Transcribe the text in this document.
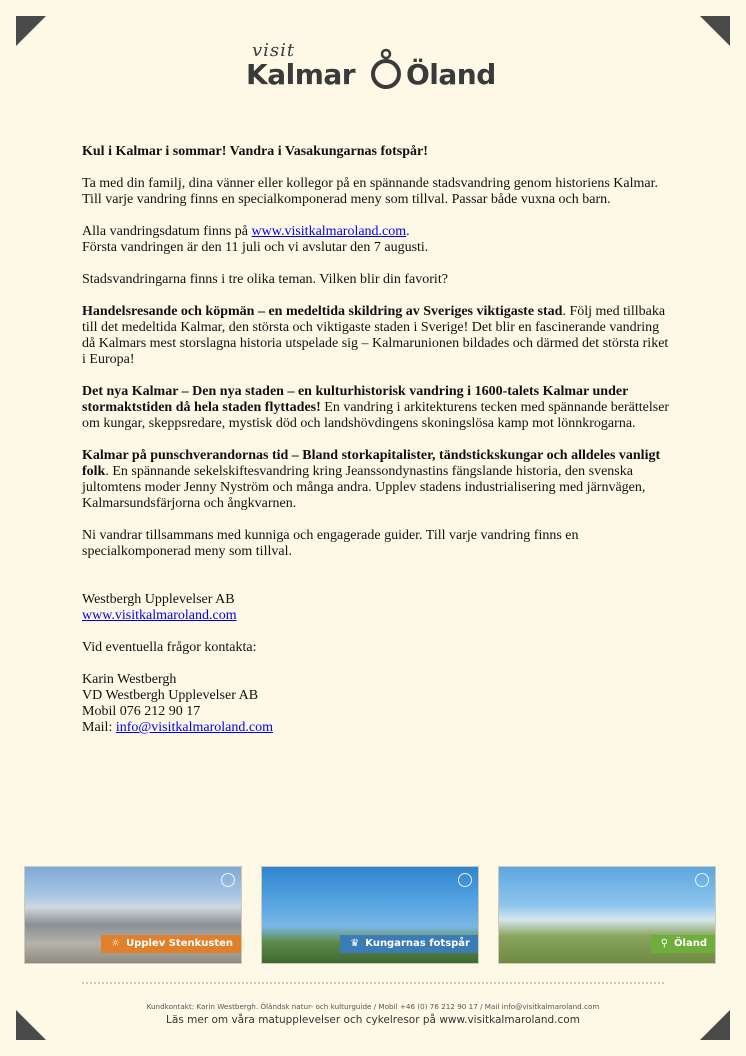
visit
Kalmar Öland

Kul i Kalmar i sommar! Vandra i Vasakungarnas fotspår!

Ta med din familj, dina vänner eller kollegor på en spännande stadsvandring genom historiens Kalmar. Till varje vandring finns en specialkomponerad meny som tillval. Passar både vuxna och barn.

Alla vandringsdatum finns på www.visitkalmaroland.com.
Första vandringen är den 11 juli och vi avslutar den 7 augusti.

Stadsvandringarna finns i tre olika teman. Vilken blir din favorit?

Handelsresande och köpmän – en medeltida skildring av Sveriges viktigaste stad. Följ med tillbaka till det medeltida Kalmar, den största och viktigaste staden i Sverige! Det blir en fascinerande vandring då Kalmars mest storslagna historia utspelade sig – Kalmarunionen bildades och därmed det största riket i Europa!

Det nya Kalmar – Den nya staden – en kulturhistorisk vandring i 1600-talets Kalmar under stormaktstiden då hela staden flyttades! En vandring i arkitekturens tecken med spännande berättelser om kungar, skeppsredare, mystisk död och landshövdingens skoningslösa kamp mot lönnkrogarna.

Kalmar på punschverandornas tid – Bland storkapitalister, tändstickskungar och alldeles vanligt folk. En spännande sekelskiftesvandring kring Jeanssondynastins fängslande historia, den svenska jultomtens moder Jenny Nyström och många andra. Upplev stadens industrialisering med järnvägen, Kalmarsundsfärjorna och ångkvarnen.

Ni vandrar tillsammans med kunniga och engagerade guider. Till varje vandring finns en specialkomponerad meny som tillval.

Westbergh Upplevelser AB
www.visitkalmaroland.com

Vid eventuella frågor kontakta:

Karin Westbergh
VD Westbergh Upplevelser AB
Mobil 076 212 90 17
Mail: info@visitkalmaroland.com

☼ Upplev Stenkusten	♛ Kungarnas fotspår	⚲ Öland
Kundkontakt: Karin Westbergh. Öländsk natur- och kulturguide / Mobil +46 (0) 76 212 90 17 / Mail info@visitkalmaroland.com
Läs mer om våra matupplevelser och cykelresor på www.visitkalmaroland.com
